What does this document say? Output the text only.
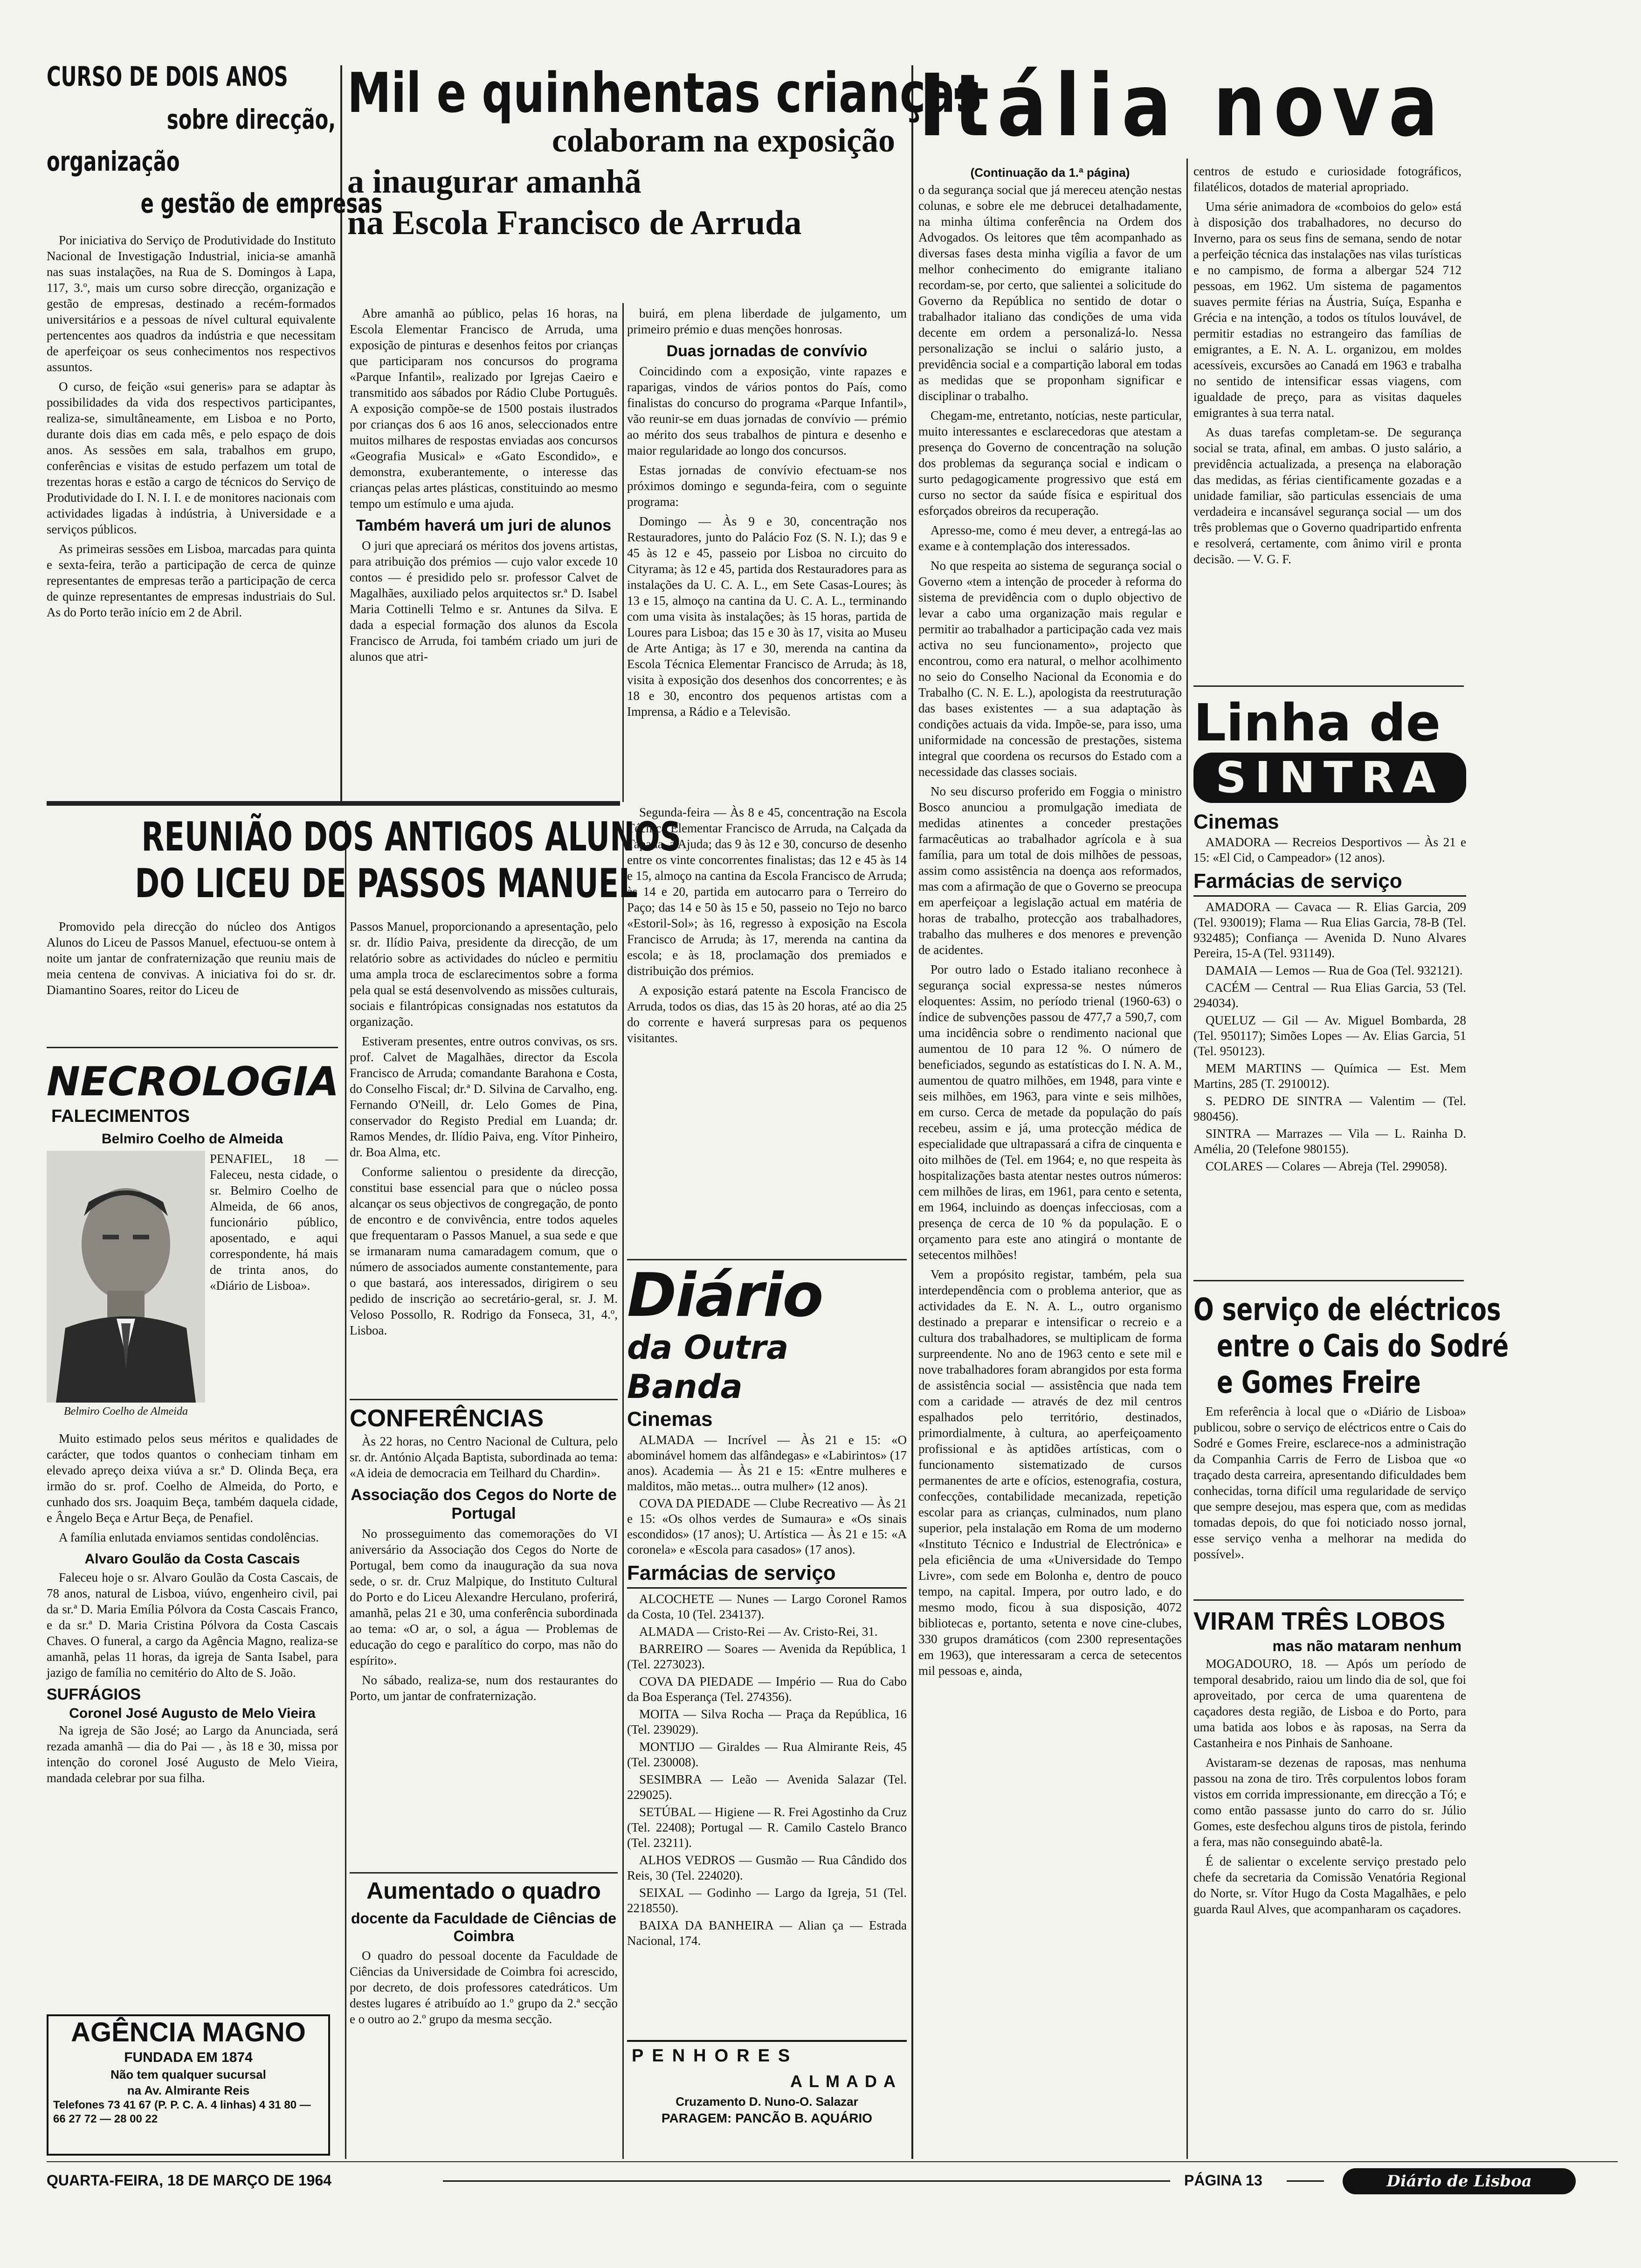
CURSO DE DOIS ANOS
sobre direcção,
organização
e gestão de empresas

Por iniciativa do Serviço de Produtividade do Instituto Nacional de Investigação Industrial, inicia-se amanhã nas suas instalações, na Rua de S. Domingos à Lapa, 117, 3.º, mais um curso sobre direcção, organização e gestão de empresas, destinado a recém-formados universitários e a pessoas de nível cultural equivalente pertencentes aos quadros da indústria e que necessitam de aperfeiçoar os seus conhecimentos nos respectivos assuntos.

O curso, de feição «sui generis» para se adaptar às possibilidades da vida dos respectivos participantes, realiza-se, simultâneamente, em Lisboa e no Porto, durante dois dias em cada mês, e pelo espaço de dois anos. As sessões em sala, trabalhos em grupo, conferências e visitas de estudo perfazem um total de trezentas horas e estão a cargo de técnicos do Serviço de Produtividade do I. N. I. I. e de monitores nacionais com actividades ligadas à indústria, à Universidade e a serviços públicos.

As primeiras sessões em Lisboa, marcadas para quinta e sexta-feira, terão a participação de cerca de quinze representantes de empresas terão a participação de cerca de quinze representantes de empresas industriais do Sul. As do Porto terão início em 2 de Abril.

Mil e quinhentas crianças
colaboram na exposição
a inaugurar amanhã
na Escola Francisco de Arruda

Abre amanhã ao público, pelas 16 horas, na Escola Elementar Francisco de Arruda, uma exposição de pinturas e desenhos feitos por crianças que participaram nos concursos do programa «Parque Infantil», realizado por Igrejas Caeiro e transmitido aos sábados por Rádio Clube Português. A exposição compõe-se de 1500 postais ilustrados por crianças dos 6 aos 16 anos, seleccionados entre muitos milhares de respostas enviadas aos concursos «Geografia Musical» e «Gato Escondido», e demonstra, exuberantemente, o interesse das crianças pelas artes plásticas, constituindo ao mesmo tempo um estímulo e uma ajuda.

Também haverá um juri de alunos

O juri que apreciará os méritos dos jovens artistas, para atribuição dos prémios — cujo valor excede 10 contos — é presidido pelo sr. professor Calvet de Magalhães, auxiliado pelos arquitectos sr.ª D. Isabel Maria Cottinelli Telmo e sr. Antunes da Silva. E dada a especial formação dos alunos da Escola Francisco de Arruda, foi também criado um juri de alunos que atri-

buirá, em plena liberdade de julgamento, um primeiro prémio e duas menções honrosas.

Duas jornadas de convívio

Coincidindo com a exposição, vinte rapazes e raparigas, vindos de vários pontos do País, como finalistas do concurso do programa «Parque Infantil», vão reunir-se em duas jornadas de convívio — prémio ao mérito dos seus trabalhos de pintura e desenho e maior regularidade ao longo dos concursos.

Estas jornadas de convívio efectuam-se nos próximos domingo e segunda-feira, com o seguinte programa:

Domingo — Às 9 e 30, concentração nos Restauradores, junto do Palácio Foz (S. N. I.); das 9 e 45 às 12 e 45, passeio por Lisboa no circuito do Cityrama; às 12 e 45, partida dos Restauradores para as instalações da U. C. A. L., em Sete Casas-Loures; às 13 e 15, almoço na cantina da U. C. A. L., terminando com uma visita às instalações; às 15 horas, partida de Loures para Lisboa; das 15 e 30 às 17, visita ao Museu de Arte Antiga; às 17 e 30, merenda na cantina da Escola Técnica Elementar Francisco de Arruda; às 18, visita à exposição dos desenhos dos concorrentes; e às 18 e 30, encontro dos pequenos artistas com a Imprensa, a Rádio e a Televisão.

REUNIÃO DOS ANTIGOS ALUNOS
DO LICEU DE PASSOS MANUEL

Promovido pela direcção do núcleo dos Antigos Alunos do Liceu de Passos Manuel, efectuou-se ontem à noite um jantar de confraternização que reuniu mais de meia centena de convivas. A iniciativa foi do sr. dr. Diamantino Soares, reitor do Liceu de

NECROLOGIA
FALECIMENTOS
Belmiro Coelho de Almeida
Belmiro Coelho de Almeida
PENAFIEL, 18 — Faleceu, nesta cidade, o sr. Belmiro Coelho de Almeida, de 66 anos, funcionário público, aposentado, e aqui correspondente, há mais de trinta anos, do «Diário de Lisboa».

Muito estimado pelos seus méritos e qualidades de carácter, que todos quantos o conheciam tinham em elevado apreço deixa viúva a sr.ª D. Olinda Beça, era irmão do sr. prof. Coelho de Almeida, do Porto, e cunhado dos srs. Joaquim Beça, também daquela cidade, e Ângelo Beça e Artur Beça, de Penafiel.

A família enlutada enviamos sentidas condolências.

Alvaro Goulão da Costa Cascais

Faleceu hoje o sr. Alvaro Goulão da Costa Cascais, de 78 anos, natural de Lisboa, viúvo, engenheiro civil, pai da sr.ª D. Maria Emília Pólvora da Costa Cascais Franco, e da sr.ª D. Maria Cristina Pólvora da Costa Cascais Chaves. O funeral, a cargo da Agência Magno, realiza-se amanhã, pelas 11 horas, da igreja de Santa Isabel, para jazigo de família no cemitério do Alto de S. João.

SUFRÁGIOS
Coronel José Augusto de Melo Vieira

Na igreja de São José; ao Largo da Anunciada, será rezada amanhã — dia do Pai — , às 18 e 30, missa por intenção do coronel José Augusto de Melo Vieira, mandada celebrar por sua filha.

AGÊNCIA MAGNO
FUNDADA EM 1874
Não tem qualquer sucursal
na Av. Almirante Reis
Telefones 73 41 67 (P. P. C. A. 4 linhas) 4 31 80 — 66 27 72 — 28 00 22

Passos Manuel, proporcionando a apresentação, pelo sr. dr. Ilídio Paiva, presidente da direcção, de um relatório sobre as actividades do núcleo e permitiu uma ampla troca de esclarecimentos sobre a forma pela qual se está desenvolvendo as missões culturais, sociais e filantrópicas consignadas nos estatutos da organização.

Estiveram presentes, entre outros convivas, os srs. prof. Calvet de Magalhães, director da Escola Francisco de Arruda; comandante Barahona e Costa, do Conselho Fiscal; dr.ª D. Silvina de Carvalho, eng. Fernando O'Neill, dr. Lelo Gomes de Pina, conservador do Registo Predial em Luanda; dr. Ramos Mendes, dr. Ilídio Paiva, eng. Vítor Pinheiro, dr. Boa Alma, etc.

Conforme salientou o presidente da direcção, constitui base essencial para que o núcleo possa alcançar os seus objectivos de congregação, de ponto de encontro e de convivência, entre todos aqueles que frequentaram o Passos Manuel, a sua sede e que se irmanaram numa camaradagem comum, que o número de associados aumente constantemente, para o que bastará, aos interessados, dirigirem o seu pedido de inscrição ao secretário-geral, sr. J. M. Veloso Possollo, R. Rodrigo da Fonseca, 31, 4.º, Lisboa.

CONFERÊNCIAS

Às 22 horas, no Centro Nacional de Cultura, pelo sr. dr. António Alçada Baptista, subordinada ao tema: «A ideia de democracia em Teilhard du Chardin».

Associação dos Cegos do Norte de Portugal

No prosseguimento das comemorações do VI aniversário da Associação dos Cegos do Norte de Portugal, bem como da inauguração da sua nova sede, o sr. dr. Cruz Malpique, do Instituto Cultural do Porto e do Liceu Alexandre Herculano, proferirá, amanhã, pelas 21 e 30, uma conferência subordinada ao tema: «O ar, o sol, a água — Problemas de educação do cego e paralítico do corpo, mas não do espírito».

No sábado, realiza-se, num dos restaurantes do Porto, um jantar de confraternização.

Aumentado o quadro
docente da Faculdade de Ciências de Coimbra

O quadro do pessoal docente da Faculdade de Ciências da Universidade de Coimbra foi acrescido, por decreto, de dois professores catedráticos. Um destes lugares é atribuído ao 1.º grupo da 2.ª secção e o outro ao 2.º grupo da mesma secção.

Segunda-feira — Às 8 e 45, concentração na Escola Técnica Elementar Francisco de Arruda, na Calçada da Tapada, à Ajuda; das 9 às 12 e 30, concurso de desenho entre os vinte concorrentes finalistas; das 12 e 45 às 14 e 15, almoço na cantina da Escola Francisco de Arruda; às 14 e 20, partida em autocarro para o Terreiro do Paço; das 14 e 50 às 15 e 50, passeio no Tejo no barco «Estoril-Sol»; às 16, regresso à exposição na Escola Francisco de Arruda; às 17, merenda na cantina da escola; e às 18, proclamação dos premiados e distribuição dos prémios.

A exposição estará patente na Escola Francisco de Arruda, todos os dias, das 15 às 20 horas, até ao dia 25 do corrente e haverá surpresas para os pequenos visitantes.

Diário
da Outra Banda
Cinemas

ALMADA — Incrível — Às 21 e 15: «O abominável homem das alfândegas» e «Labirintos» (17 anos). Academia — Às 21 e 15: «Entre mulheres e malditos, mão metas... outra mulher» (12 anos).

COVA DA PIEDADE — Clube Recreativo — Às 21 e 15: «Os olhos verdes de Sumaura» e «Os sinais escondidos» (17 anos); U. Artística — Às 21 e 15: «A coronela» e «Escola para casados» (17 anos).

Farmácias de serviço

ALCOCHETE — Nunes — Largo Coronel Ramos da Costa, 10 (Tel. 234137).

ALMADA — Cristo-Rei — Av. Cristo-Rei, 31.

BARREIRO — Soares — Avenida da República, 1 (Tel. 2273023).

COVA DA PIEDADE — Império — Rua do Cabo da Boa Esperança (Tel. 274356).

MOITA — Silva Rocha — Praça da República, 16 (Tel. 239029).

MONTIJO — Giraldes — Rua Almirante Reis, 45 (Tel. 230008).

SESIMBRA — Leão — Avenida Salazar (Tel. 229025).

SETÚBAL — Higiene — R. Frei Agostinho da Cruz (Tel. 22408); Portugal — R. Camilo Castelo Branco (Tel. 23211).

ALHOS VEDROS — Gusmão — Rua Cândido dos Reis, 30 (Tel. 224020).

SEIXAL — Godinho — Largo da Igreja, 51 (Tel. 2218550).

BAIXA DA BANHEIRA — Alian ça — Estrada Nacional, 174.

PENHORES
ALMADA
Cruzamento D. Nuno-O. Salazar
PARAGEM: PANCÃO B. AQUÁRIO
Itália nova
(Continuação da 1.ª página)

o da segurança social que já mereceu atenção nestas colunas, e sobre ele me debrucei detalhadamente, na minha última conferência na Ordem dos Advogados. Os leitores que têm acompanhado as diversas fases desta minha vigília a favor de um melhor conhecimento do emigrante italiano recordam-se, por certo, que salientei a solicitude do Governo da República no sentido de dotar o trabalhador italiano das condições de uma vida decente em ordem a personalizá-lo. Nessa personalização se inclui o salário justo, a previdência social e a compartição laboral em todas as medidas que se proponham significar e disciplinar o trabalho.

Chegam-me, entretanto, notícias, neste particular, muito interessantes e esclarecedoras que atestam a presença do Governo de concentração na solução dos problemas da segurança social e indicam o surto pedagogicamente progressivo que está em curso no sector da saúde física e espiritual dos esforçados obreiros da recuperação.

Apresso-me, como é meu dever, a entregá-las ao exame e à contemplação dos interessados.

No que respeita ao sistema de segurança social o Governo «tem a intenção de proceder à reforma do sistema de previdência com o duplo objectivo de levar a cabo uma organização mais regular e permitir ao trabalhador a participação cada vez mais activa no seu funcionamento», projecto que encontrou, como era natural, o melhor acolhimento no seio do Conselho Nacional da Economia e do Trabalho (C. N. E. L.), apologista da reestruturação das bases existentes — a sua adaptação às condições actuais da vida. Impõe-se, para isso, uma uniformidade na concessão de prestações, sistema integral que coordena os recursos do Estado com a necessidade das classes sociais.

No seu discurso proferido em Foggia o ministro Bosco anunciou a promulgação imediata de medidas atinentes a conceder prestações farmacêuticas ao trabalhador agrícola e à sua família, para um total de dois milhões de pessoas, assim como assistência na doença aos reformados, mas com a afirmação de que o Governo se preocupa em aperfeiçoar a legislação actual em matéria de horas de trabalho, protecção aos trabalhadores, trabalho das mulheres e dos menores e prevenção de acidentes.

Por outro lado o Estado italiano reconhece à segurança social expressa-se nestes números eloquentes: Assim, no período trienal (1960-63) o índice de subvenções passou de 477,7 a 590,7, com uma incidência sobre o rendimento nacional que aumentou de 10 para 12 %. O número de beneficiados, segundo as estatísticas do I. N. A. M., aumentou de quatro milhões, em 1948, para vinte e seis milhões, em 1963, para vinte e seis milhões, em curso. Cerca de metade da população do país recebeu, assim e já, uma protecção médica de especialidade que ultrapassará a cifra de cinquenta e oito milhões de (Tel. em 1964; e, no que respeita às hospitalizações basta atentar nestes outros números: cem milhões de liras, em 1961, para cento e setenta, em 1964, incluindo as doenças infecciosas, com a presença de cerca de 10 % da população. E o orçamento para este ano atingirá o montante de setecentos milhões!

Vem a propósito registar, também, pela sua interdependência com o problema anterior, que as actividades da E. N. A. L., outro organismo destinado a preparar e intensificar o recreio e a cultura dos trabalhadores, se multiplicam de forma surpreendente. No ano de 1963 cento e sete mil e nove trabalhadores foram abrangidos por esta forma de assistência social — assistência que nada tem com a caridade — através de dez mil centros espalhados pelo território, destinados, primordialmente, à cultura, ao aperfeiçoamento profissional e às aptidões artísticas, com o funcionamento sistematizado de cursos permanentes de arte e ofícios, estenografia, costura, confecções, contabilidade mecanizada, repetição escolar para as crianças, culminados, num plano superior, pela instalação em Roma de um moderno «Instituto Técnico e Industrial de Electrónica» e pela eficiência de uma «Universidade do Tempo Livre», com sede em Bolonha e, dentro de pouco tempo, na capital. Impera, por outro lado, e do mesmo modo, ficou à sua disposição, 4072 bibliotecas e, portanto, setenta e nove cine-clubes, 330 grupos dramáticos (com 2300 representações em 1963), que interessaram a cerca de setecentos mil pessoas e, ainda,

centros de estudo e curiosidade fotográficos, filatélicos, dotados de material apropriado.

Uma série animadora de «comboios do gelo» está à disposição dos trabalhadores, no decurso do Inverno, para os seus fins de semana, sendo de notar a perfeição técnica das instalações nas vilas turísticas e no campismo, de forma a albergar 524 712 pessoas, em 1962. Um sistema de pagamentos suaves permite férias na Áustria, Suíça, Espanha e Grécia e na intenção, a todos os títulos louvável, de permitir estadias no estrangeiro das famílias de emigrantes, a E. N. A. L. organizou, em moldes acessíveis, excursões ao Canadá em 1963 e trabalha no sentido de intensificar essas viagens, com igualdade de preço, para as visitas daqueles emigrantes à sua terra natal.

As duas tarefas completam-se. De segurança social se trata, afinal, em ambas. O justo salário, a previdência actualizada, a presença na elaboração das medidas, as férias cientificamente gozadas e a unidade familiar, são particulas essenciais de uma verdadeira e incansável segurança social — um dos três problemas que o Governo quadripartido enfrenta e resolverá, certamente, com ânimo viril e pronta decisão. — V. G. F.

Linha de
SINTRA
Cinemas

AMADORA — Recreios Desportivos — Às 21 e 15: «El Cid, o Campeador» (12 anos).

Farmácias de serviço

AMADORA — Cavaca — R. Elias Garcia, 209 (Tel. 930019); Flama — Rua Elias Garcia, 78-B (Tel. 932485); Confiança — Avenida D. Nuno Alvares Pereira, 15-A (Tel. 931149).

DAMAIA — Lemos — Rua de Goa (Tel. 932121).

CACÉM — Central — Rua Elias Garcia, 53 (Tel. 294034).

QUELUZ — Gil — Av. Miguel Bombarda, 28 (Tel. 950117); Simões Lopes — Av. Elias Garcia, 51 (Tel. 950123).

MEM MARTINS — Química — Est. Mem Martins, 285 (T. 2910012).

S. PEDRO DE SINTRA — Valentim — (Tel. 980456).

SINTRA — Marrazes — Vila — L. Rainha D. Amélia, 20 (Telefone 980155).

COLARES — Colares — Abreja (Tel. 299058).

O serviço de eléctricos
entre o Cais do Sodré
e Gomes Freire

Em referência à local que o «Diário de Lisboa» publicou, sobre o serviço de eléctricos entre o Cais do Sodré e Gomes Freire, esclarece-nos a administração da Companhia Carris de Ferro de Lisboa que «o traçado desta carreira, apresentando dificuldades bem conhecidas, torna difícil uma regularidade de serviço que sempre desejou, mas espera que, com as medidas tomadas depois, do que foi noticiado nosso jornal, esse serviço venha a melhorar na medida do possível».

VIRAM TRÊS LOBOS
mas não mataram nenhum

MOGADOURO, 18. — Após um período de temporal desabrido, raiou um lindo dia de sol, que foi aproveitado, por cerca de uma quarentena de caçadores desta região, de Lisboa e do Porto, para uma batida aos lobos e às raposas, na Serra da Castanheira e nos Pinhais de Sanhoane.

Avistaram-se dezenas de raposas, mas nenhuma passou na zona de tiro. Três corpulentos lobos foram vistos em corrida impressionante, em direcção a Tó; e como então passasse junto do carro do sr. Júlio Gomes, este desfechou alguns tiros de pistola, ferindo a fera, mas não conseguindo abatê-la.

É de salientar o excelente serviço prestado pelo chefe da secretaria da Comissão Venatória Regional do Norte, sr. Vítor Hugo da Costa Magalhães, e pelo guarda Raul Alves, que acompanharam os caçadores.

QUARTA-FEIRA, 18 DE MARÇO DE 1964	PÁGINA 13	Diário de Lisboa
